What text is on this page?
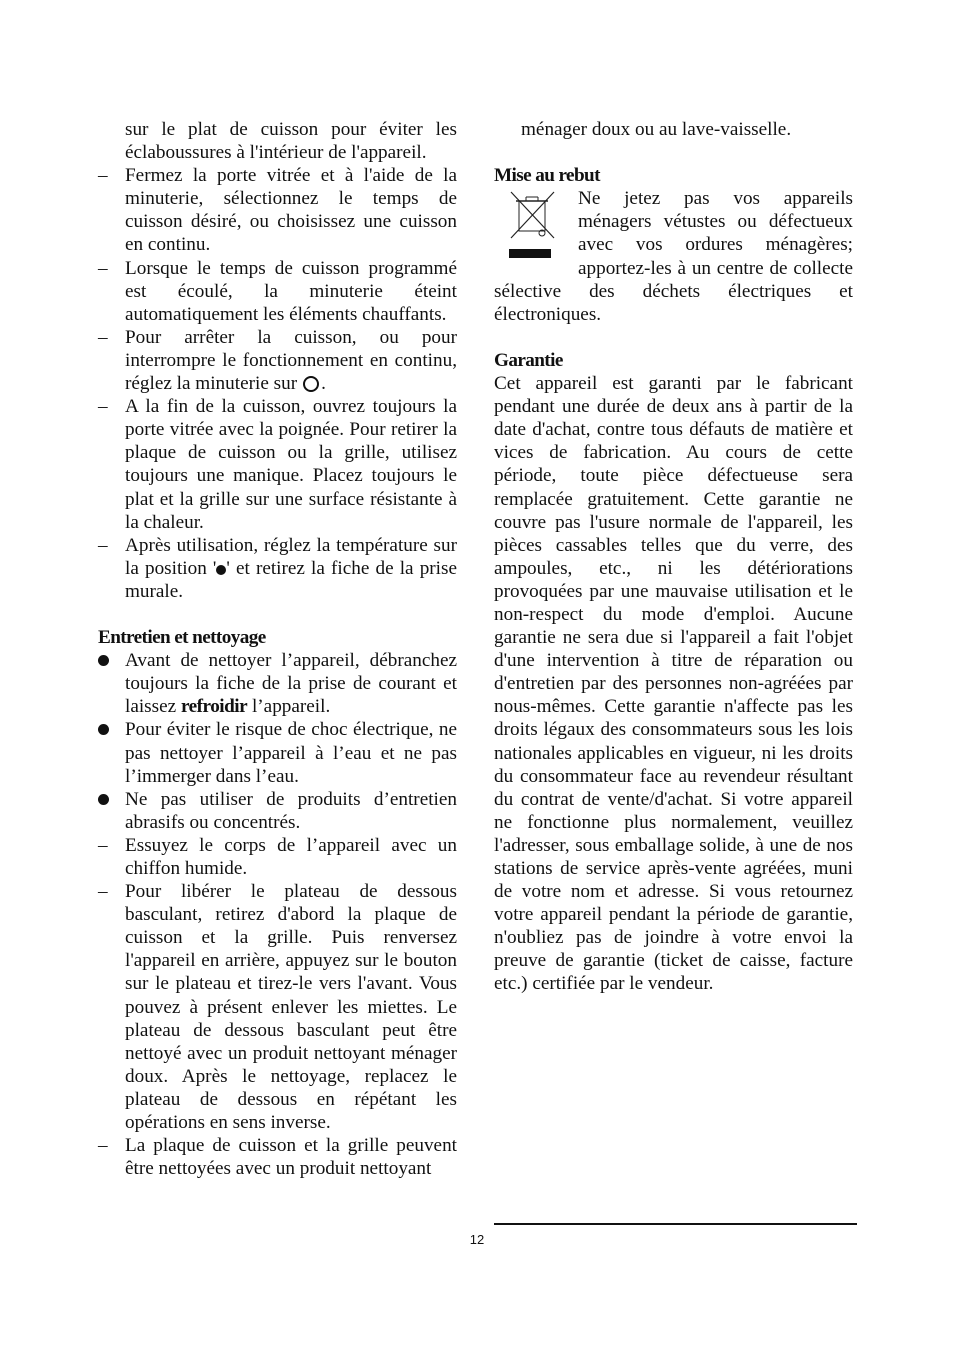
sur le plat de cuisson pour éviter les éclaboussures à l'intérieur de l'appareil.

– Fermez la porte vitrée et à l'aide de la minuterie, sélectionnez le temps de cuisson désiré, ou choisissez une cuisson en continu.
– Lorsque le temps de cuisson programmé est écoulé, la minuterie éteint automatiquement les éléments chauffants.
– Pour arrêter la cuisson, ou pour interrompre le fonctionnement en continu, réglez la minuterie sur .
– A la fin de la cuisson, ouvrez toujours la porte vitrée avec la poignée. Pour retirer la plaque de cuisson ou la grille, utilisez toujours une manique. Placez toujours le plat et la grille sur une surface résistante à la chaleur.
– Après utilisation, réglez la température sur la position ' ' et retirez la fiche de la prise murale.

Entretien et nettoyage

Avant de nettoyer l’appareil, débranchez toujours la fiche de la prise de courant et laissez refroidir l’appareil.
Pour éviter le risque de choc électrique, ne pas nettoyer l’appareil à l’eau et ne pas l’immerger dans l’eau.
Ne pas utiliser de produits d’entretien abrasifs ou concentrés.
– Essuyez le corps de l’appareil avec un chiffon humide.
– Pour libérer le plateau de dessous basculant, retirez d'abord la plaque de cuisson et la grille. Puis renversez l'appareil en arrière, appuyez sur le bouton sur le plateau et tirez-le vers l'avant. Vous pouvez à présent enlever les miettes. Le plateau de dessous basculant peut être nettoyé avec un produit nettoyant ménager doux. Après le nettoyage, replacez le plateau de dessous en répétant les opérations en sens inverse.
– La plaque de cuisson et la grille peuvent être nettoyées avec un produit nettoyant

ménager doux ou au lave-vaisselle.

Mise au rebut

Ne jetez pas vos appareils ménagers vétustes ou défectueux avec vos ordures ménagères; apportez-les à un centre de collecte sélective des déchets électriques et électroniques.

Garantie

Cet appareil est garanti par le fabricant pendant une durée de deux ans à partir de la date d'achat, contre tous défauts de matière et vices de fabrication. Au cours de cette période, toute pièce défectueuse sera remplacée gratuitement. Cette garantie ne couvre pas l'usure normale de l'appareil, les pièces cassables telles que du verre, des ampoules, etc., ni les détériorations provoquées par une mauvaise utilisation et le non-respect du mode d'emploi. Aucune garantie ne sera due si l'appareil a fait l'objet d'une intervention à titre de réparation ou d'entretien par des personnes non-agréées par nous-mêmes. Cette garantie n'affecte pas les droits légaux des consommateurs sous les lois nationales applicables en vigueur, ni les droits du consommateur face au revendeur résultant du contrat de vente/d'achat. Si votre appareil ne fonctionne plus normalement, veuillez l'adresser, sous emballage solide, à une de nos stations de service après-vente agréées, muni de votre nom et adresse. Si vous retournez votre appareil pendant la période de garantie, n'oubliez pas de joindre à votre envoi la preuve de garantie (ticket de caisse, facture etc.) certifiée par le vendeur.

12
